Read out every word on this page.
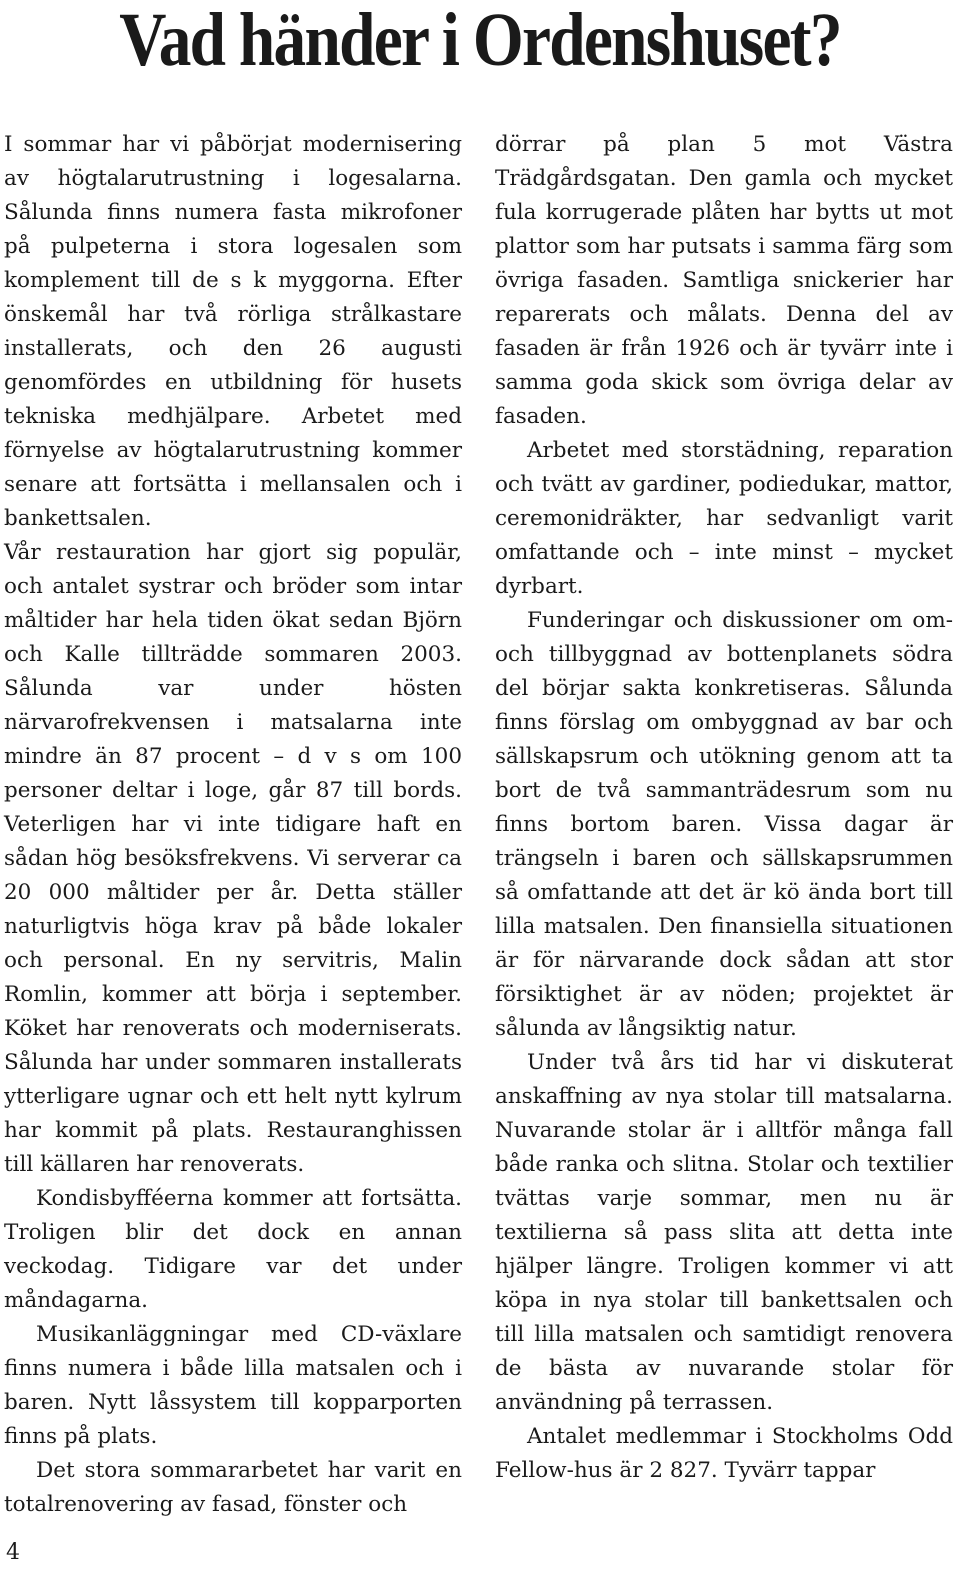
Vad händer i Ordenshuset?

I sommar har vi påbörjat modernisering av högtalarutrustning i logesalarna. Sålunda finns numera fasta mikrofoner på pulpeterna i stora logesalen som komplement till de s k myggorna. Efter önskemål har två rörliga strålkastare installerats, och den 26 augusti genomfördes en utbildning för husets tekniska medhjälpare. Arbetet med förnyelse av högtalarutrustning kommer senare att fortsätta i mellansalen och i bankettsalen.

Vår restauration har gjort sig populär, och antalet systrar och bröder som intar måltider har hela tiden ökat sedan Björn och Kalle tillträdde sommaren 2003. Sålunda var under hösten närvarofrekvensen i matsalarna inte mindre än 87 procent – d v s om 100 personer deltar i loge, går 87 till bords. Veterligen har vi inte tidigare haft en sådan hög besöksfrekvens. Vi serverar ca 20 000 måltider per år. Detta ställer naturligtvis höga krav på både lokaler och personal. En ny servitris, Malin Romlin, kommer att börja i september. Köket har renoverats och moderniserats. Sålunda har under sommaren installerats ytterligare ugnar och ett helt nytt kylrum har kommit på plats. Restauranghissen till källaren har renoverats.

Kondisbyfféerna kommer att fortsätta. Troligen blir det dock en annan veckodag. Tidigare var det under måndagarna.

Musikanläggningar med CD-växlare finns numera i både lilla matsalen och i baren. Nytt låssystem till kopparporten finns på plats.

Det stora sommararbetet har varit en totalrenovering av fasad, fönster och

dörrar på plan 5 mot Västra Trädgårdsgatan. Den gamla och mycket fula korrugerade plåten har bytts ut mot plattor som har putsats i samma färg som övriga fasaden. Samtliga snickerier har reparerats och målats. Denna del av fasaden är från 1926 och är tyvärr inte i samma goda skick som övriga delar av fasaden.

Arbetet med storstädning, reparation och tvätt av gardiner, podiedukar, mattor, ceremonidräkter, har sedvanligt varit omfattande och – inte minst – mycket dyrbart.

Funderingar och diskussioner om om- och tillbyggnad av bottenplanets södra del börjar sakta konkretiseras. Sålunda finns förslag om ombyggnad av bar och sällskapsrum och utökning genom att ta bort de två sammanträdesrum som nu finns bortom baren. Vissa dagar är trängseln i baren och sällskapsrummen så omfattande att det är kö ända bort till lilla matsalen. Den finansiella situationen är för närvarande dock sådan att stor försiktighet är av nöden; projektet är sålunda av långsiktig natur.

Under två års tid har vi diskuterat anskaffning av nya stolar till matsalarna. Nuvarande stolar är i alltför många fall både ranka och slitna. Stolar och textilier tvättas varje sommar, men nu är textilierna så pass slita att detta inte hjälper längre. Troligen kommer vi att köpa in nya stolar till bankettsalen och till lilla matsalen och samtidigt renovera de bästa av nuvarande stolar för användning på terrassen.

Antalet medlemmar i Stockholms Odd Fellow-hus är 2 827. Tyvärr tappar

4
